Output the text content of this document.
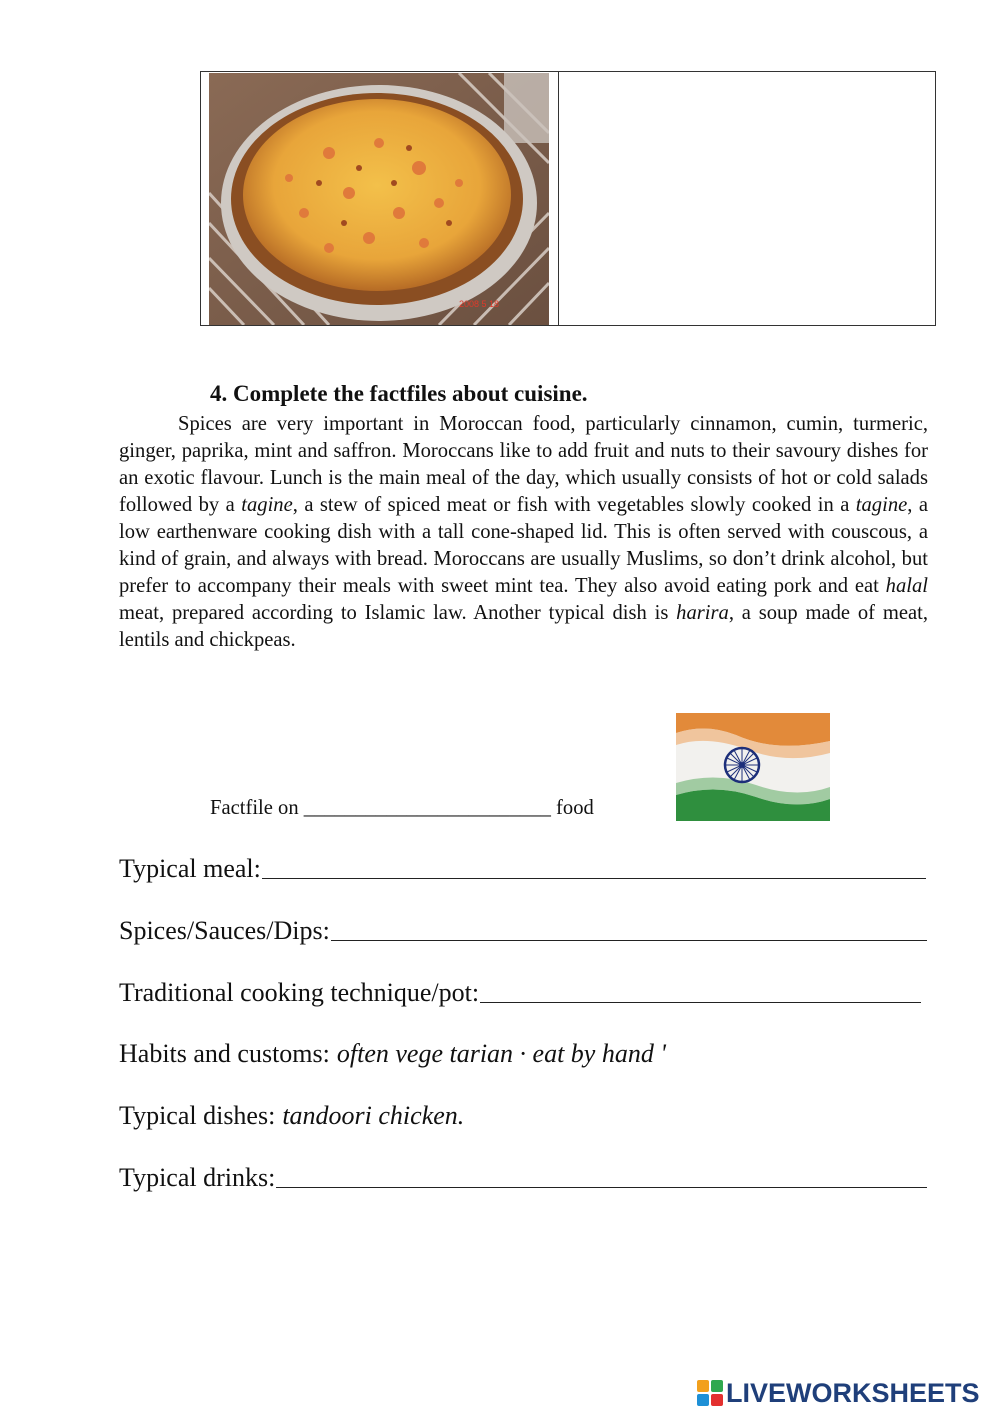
2008 5 18
4. Complete the factfiles about cuisine.

Spices are very important in Moroccan food, particularly cinnamon, cumin, turmeric, ginger, paprika, mint and saffron. Moroccans like to add fruit and nuts to their savoury dishes for an exotic flavour. Lunch is the main meal of the day, which usually consists of hot or cold salads followed by a tagine, a stew of spiced meat or fish with vegetables slowly cooked in a tagine, a low earthenware cooking dish with a tall cone-shaped lid. This is often served with couscous, a kind of grain, and always with bread. Moroccans are usually Muslims, so don’t drink alcohol, but prefer to accompany their meals with sweet mint tea. They also avoid eating pork and eat halal meat, prepared according to Islamic law. Another typical dish is harira, a soup made of meat, lentils and chickpeas.

Factfile on ________________________ food
Typical meal:
Spices/Sauces/Dips:
Traditional cooking technique/pot:
Habits and customs: often vege tarian · eat by hand '
Typical dishes: tandoori chicken.
Typical drinks:
LIVEWORKSHEETS
